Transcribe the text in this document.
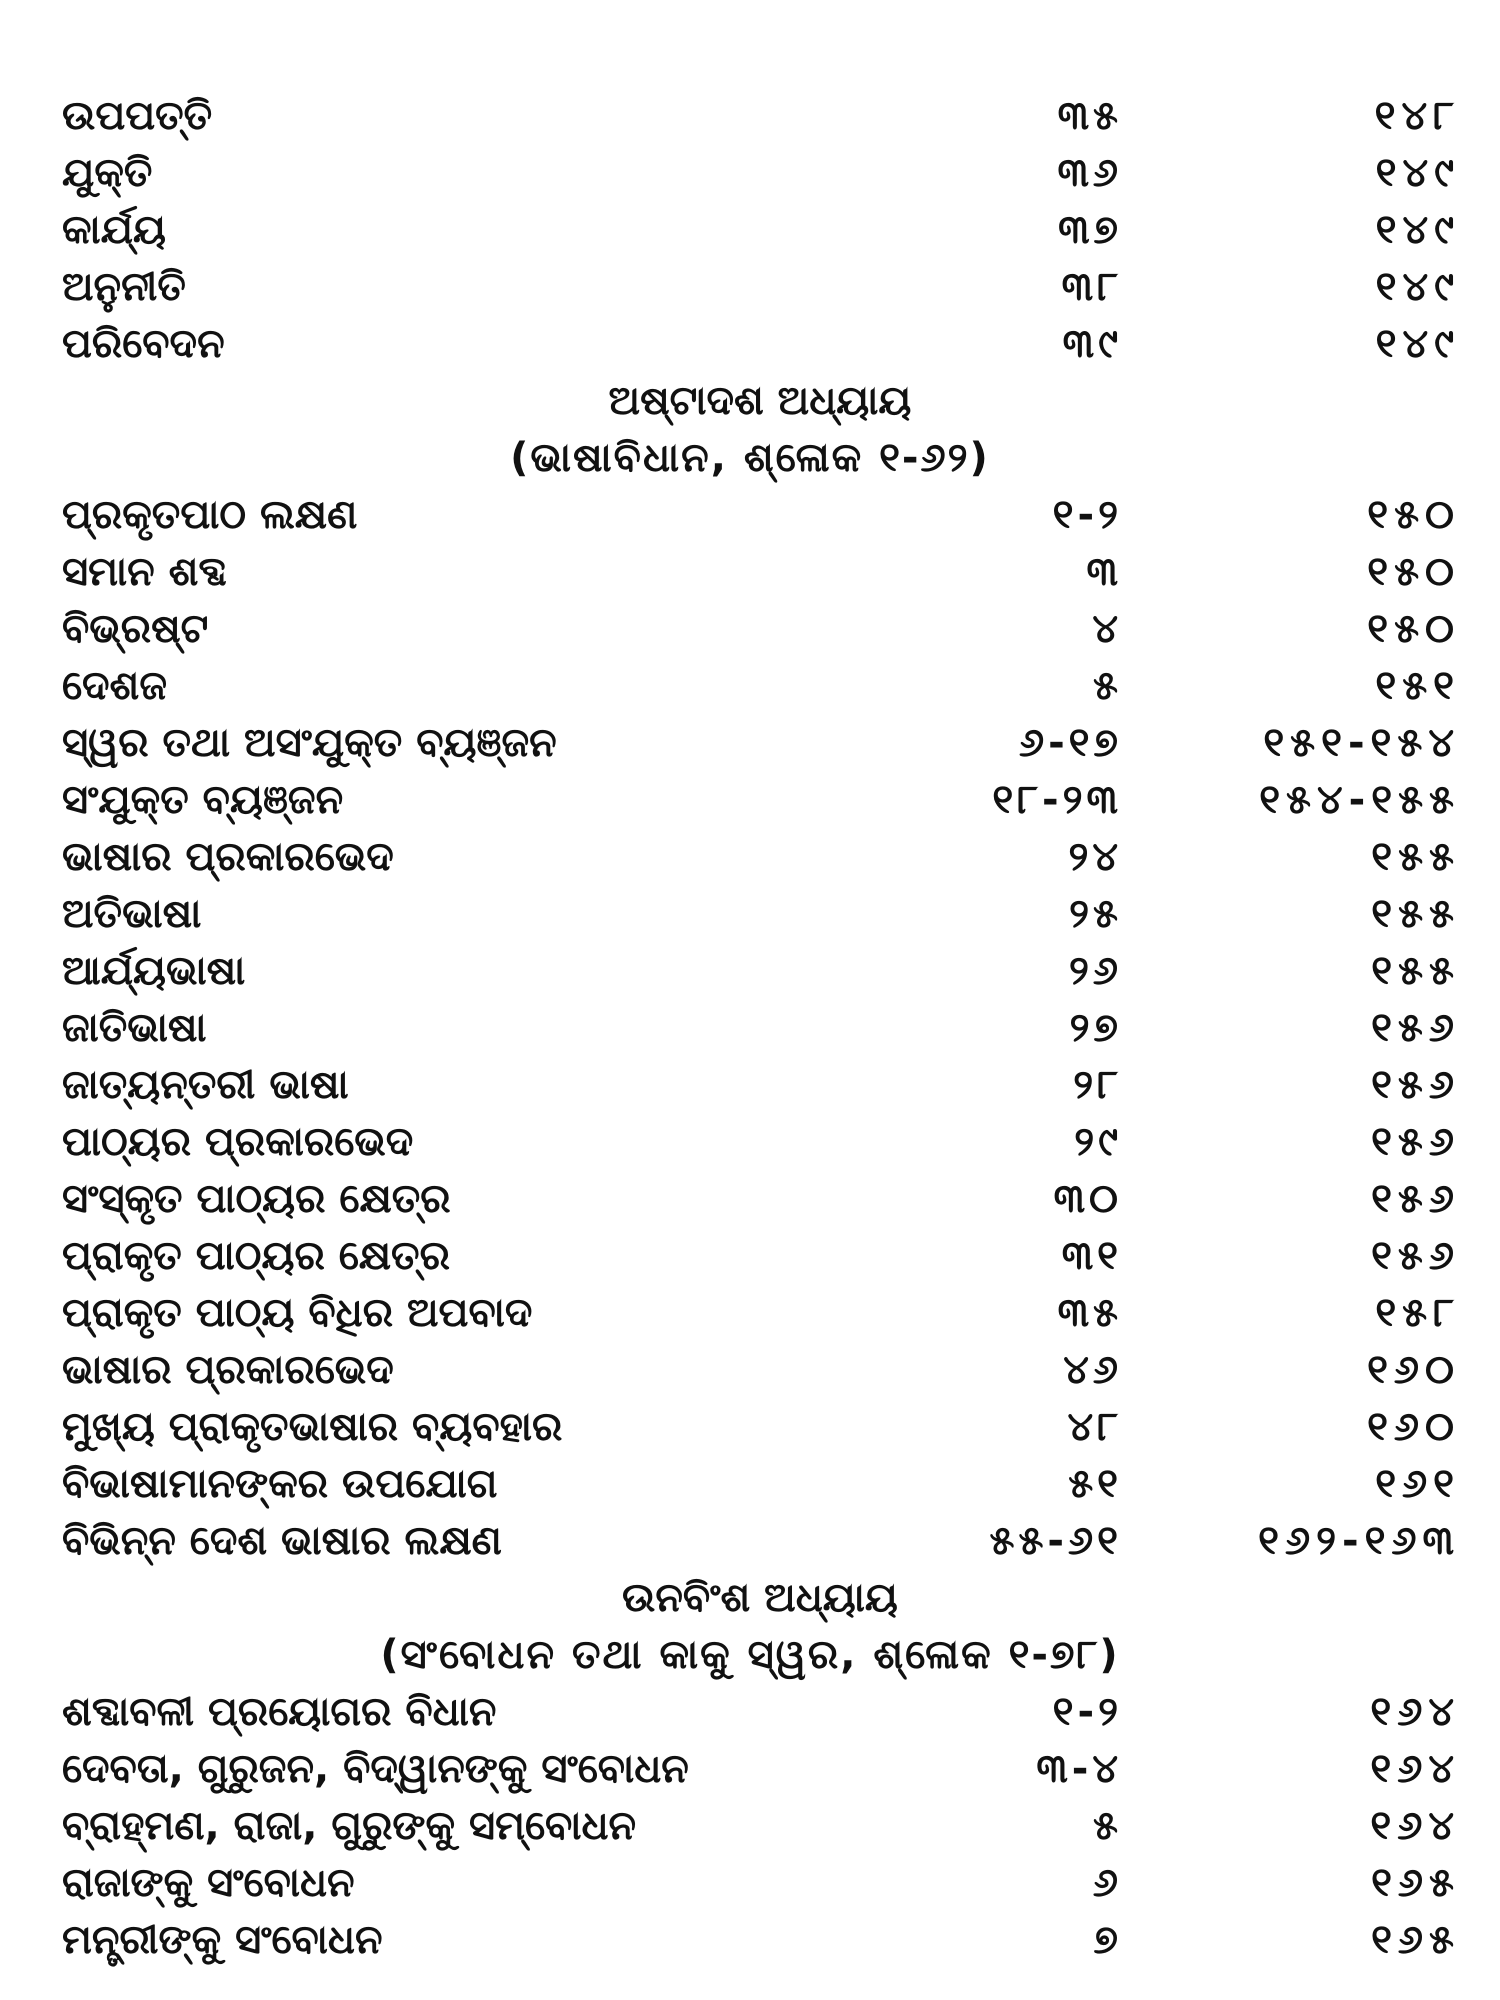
ଉପପତ୍ତି	୩୫	୧୪୮
ଯୁକ୍ତି	୩୬	୧୪୯
କାର୍ଯ୍ୟ	୩୭	୧୪୯
ଅନୁନୀତି	୩୮	୧୪୯
ପରିବେଦନ	୩୯	୧୪୯
ଅଷ୍ଟାଦଶ ଅଧ୍ୟାୟ
(ଭାଷାବିଧାନ, ଶ୍ଳୋକ ୧-୬୨)
ପ୍ରକୃତପାଠ ଲକ୍ଷଣ	୧-୨	୧୫୦
ସମାନ ଶବ୍ଦ	୩	୧୫୦
ବିଭ୍ରଷ୍ଟ	୪	୧୫୦
ଦେଶଜ	୫	୧୫୧
ସ୍ୱର ତଥା ଅସଂଯୁକ୍ତ ବ୍ୟଞ୍ଜନ	୬-୧୭	୧୫୧-୧୫୪
ସଂଯୁକ୍ତ ବ୍ୟଞ୍ଜନ	୧୮-୨୩	୧୫୪-୧୫୫
ଭାଷାର ପ୍ରକାରଭେଦ	୨୪	୧୫୫
ଅତିଭାଷା	୨୫	୧୫୫
ଆର୍ଯ୍ୟଭାଷା	୨୬	୧୫୫
ଜାତିଭାଷା	୨୭	୧୫୬
ଜାତ୍ୟନ୍ତରୀ ଭାଷା	୨୮	୧୫୬
ପାଠ୍ୟର ପ୍ରକାରଭେଦ	୨୯	୧୫୬
ସଂସ୍କୃତ ପାଠ୍ୟର କ୍ଷେତ୍ର	୩୦	୧୫୬
ପ୍ରାକୃତ ପାଠ୍ୟର କ୍ଷେତ୍ର	୩୧	୧୫୬
ପ୍ରାକୃତ ପାଠ୍ୟ ବିଧିର ଅପବାଦ	୩୫	୧୫୮
ଭାଷାର ପ୍ରକାରଭେଦ	୪୬	୧୬୦
ମୁଖ୍ୟ ପ୍ରାକୃତଭାଷାର ବ୍ୟବହାର	୪୮	୧୬୦
ବିଭାଷାମାନଙ୍କର ଉପଯୋଗ	୫୧	୧୬୧
ବିଭିନ୍ନ ଦେଶ ଭାଷାର ଲକ୍ଷଣ	୫୫-୬୧	୧୬୨-୧୬୩
ଉନବିଂଶ ଅଧ୍ୟାୟ
(ସଂବୋଧନ ତଥା କାକୁ ସ୍ୱର, ଶ୍ଳୋକ ୧-୭୮)
ଶବ୍ଦାବଳୀ ପ୍ରୟୋଗର ବିଧାନ	୧-୨	୧୬୪
ଦେବତା, ଗୁରୁଜନ, ବିଦ୍ୱାନଙ୍କୁ ସଂବୋଧନ	୩-୪	୧୬୪
ବ୍ରାହ୍ମଣ, ରାଜା, ଗୁରୁଙ୍କୁ ସମ୍ବୋଧନ	୫	୧୬୪
ରାଜାଙ୍କୁ ସଂବୋଧନ	୬	୧୬୫
ମନ୍ତ୍ରୀଙ୍କୁ ସଂବୋଧନ	୭	୧୬୫
